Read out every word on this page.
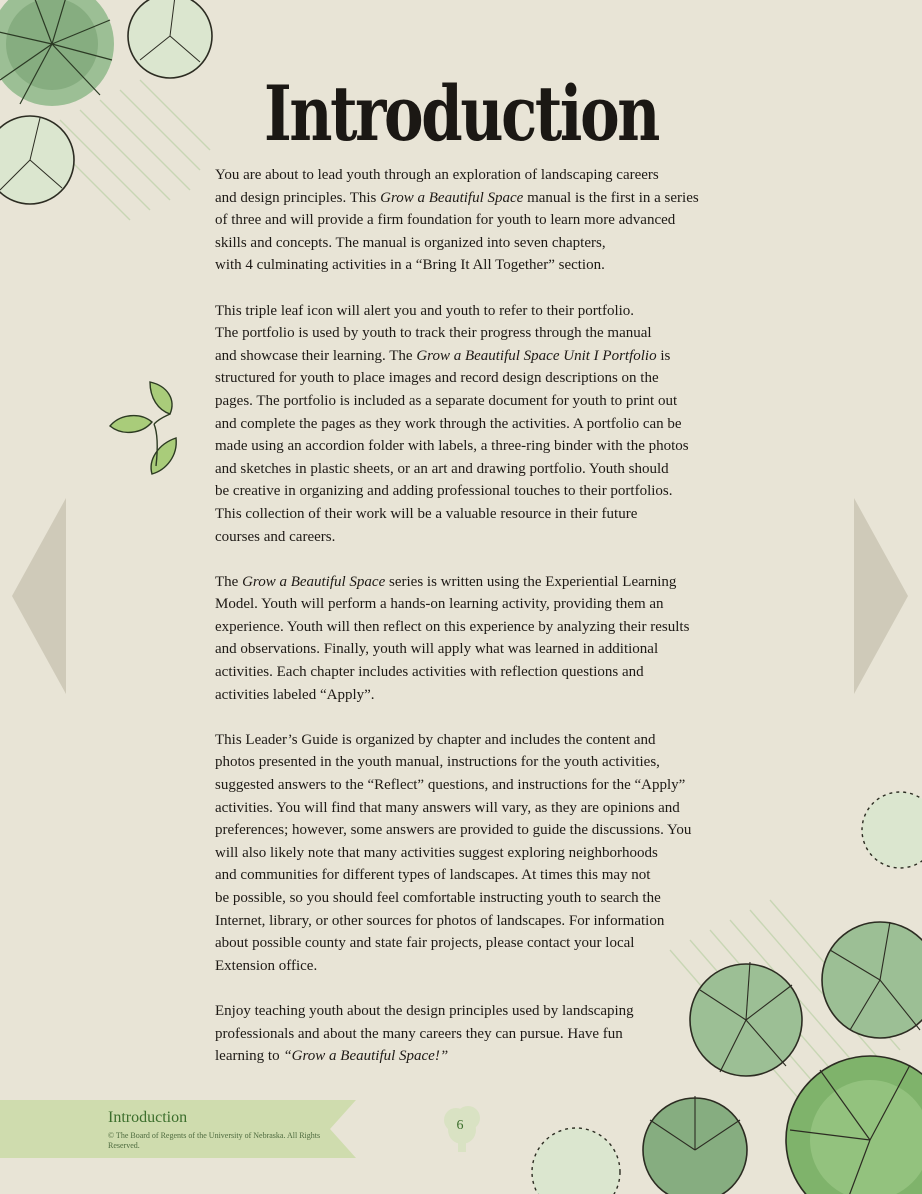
Introduction

You are about to lead youth through an exploration of landscaping careers
and design principles. This Grow a Beautiful Space manual is the first in a series
of three and will provide a firm foundation for youth to learn more advanced
skills and concepts. The manual is organized into seven chapters,
with 4 culminating activities in a “Bring It All Together” section.

This triple leaf icon will alert you and youth to refer to their portfolio.
The portfolio is used by youth to track their progress through the manual
and showcase their learning. The Grow a Beautiful Space Unit I Portfolio is
structured for youth to place images and record design descriptions on the
pages. The portfolio is included as a separate document for youth to print out
and complete the pages as they work through the activities. A portfolio can be
made using an accordion folder with labels, a three-ring binder with the photos
and sketches in plastic sheets, or an art and drawing portfolio. Youth should
be creative in organizing and adding professional touches to their portfolios.
This collection of their work will be a valuable resource in their future
courses and careers.

The Grow a Beautiful Space series is written using the Experiential Learning
Model. Youth will perform a hands-on learning activity, providing them an
experience. Youth will then reflect on this experience by analyzing their results
and observations. Finally, youth will apply what was learned in additional
activities. Each chapter includes activities with reflection questions and
activities labeled “Apply”.

This Leader’s Guide is organized by chapter and includes the content and
photos presented in the youth manual, instructions for the youth activities,
suggested answers to the “Reflect” questions, and instructions for the “Apply”
activities. You will find that many answers will vary, as they are opinions and
preferences; however, some answers are provided to guide the discussions. You
will also likely note that many activities suggest exploring neighborhoods
and communities for different types of landscapes. At times this may not
be possible, so you should feel comfortable instructing youth to search the
Internet, library, or other sources for photos of landscapes. For information
about possible county and state fair projects, please contact your local
Extension office.

Enjoy teaching youth about the design principles used by landscaping
professionals and about the many careers they can pursue. Have fun
learning to “Grow a Beautiful Space!”

Introduction
© The Board of Regents of the University of Nebraska. All Rights Reserved.
6
